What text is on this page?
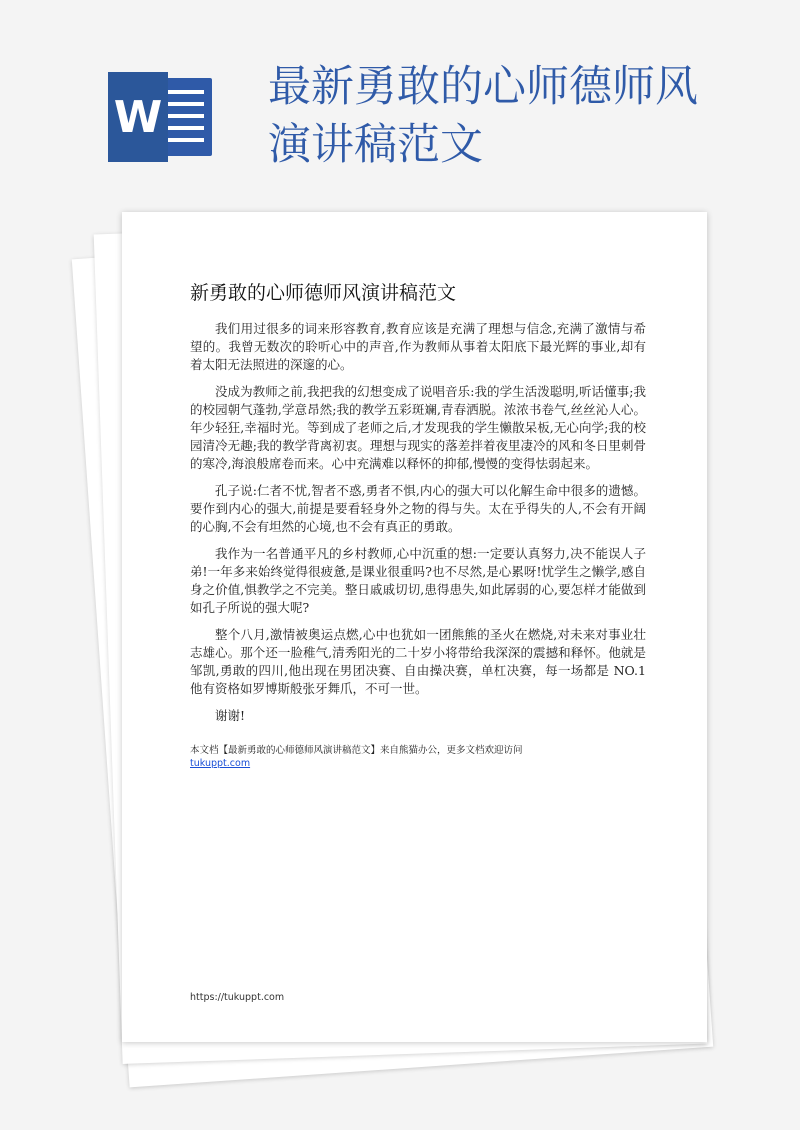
W
最新勇敢的心师德师风
演讲稿范文
新勇敢的心师德师风演讲稿范文

我们用过很多的词来形容教育,教育应该是充满了理想与信念,充满了激情与希望的。我曾无数次的聆听心中的声音,作为教师从事着太阳底下最光辉的事业,却有着太阳无法照进的深邃的心。

没成为教师之前,我把我的幻想变成了说唱音乐:我的学生活泼聪明,听话懂事;我的校园朝气蓬勃,学意昂然;我的教学五彩斑斓,青春洒脱。浓浓书卷气,丝丝沁人心。年少轻狂,幸福时光。等到成了老师之后,才发现我的学生懒散呆板,无心向学;我的校园清冷无趣;我的教学背离初衷。理想与现实的落差拌着夜里凄冷的风和冬日里刺骨的寒冷,海浪般席卷而来。心中充满难以释怀的抑郁,慢慢的变得怯弱起来。

孔子说:仁者不忧,智者不惑,勇者不惧,内心的强大可以化解生命中很多的遗憾。要作到内心的强大,前提是要看轻身外之物的得与失。太在乎得失的人,不会有开阔的心胸,不会有坦然的心境,也不会有真正的勇敢。

我作为一名普通平凡的乡村教师,心中沉重的想:一定要认真努力,决不能误人子弟!一年多来始终觉得很疲惫,是课业很重吗?也不尽然,是心累呀!忧学生之懒学,感自身之价值,惧教学之不完美。整日戚戚切切,患得患失,如此孱弱的心,要怎样才能做到如孔子所说的强大呢?

整个八月,激情被奥运点燃,心中也犹如一团熊熊的圣火在燃烧,对未来对事业壮志雄心。那个还一脸稚气,清秀阳光的二十岁小将带给我深深的震撼和释怀。他就是邹凯,勇敢的四川,他出现在男团决赛、自由操决赛，单杠决赛，每一场都是 NO.1 他有资格如罗博斯般张牙舞爪，不可一世。

谢谢!

本文档【最新勇敢的心师德师风演讲稿范文】来自熊猫办公，更多文档欢迎访问
tukuppt.com
https://tukuppt.com
